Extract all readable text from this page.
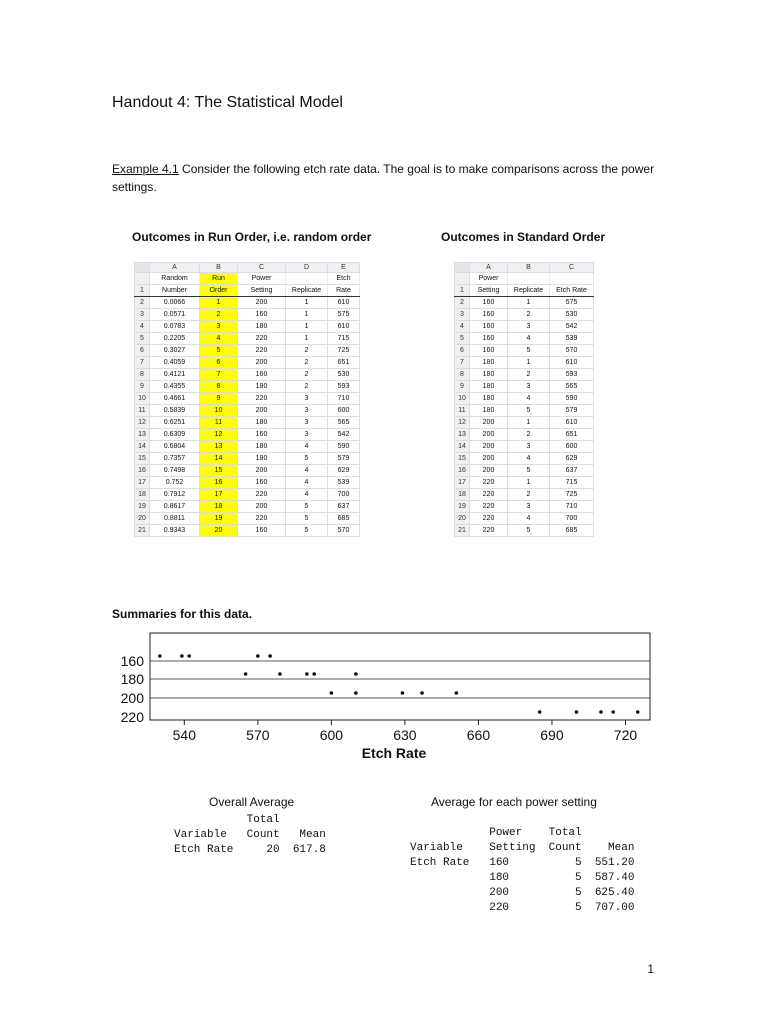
Handout 4: The Statistical Model
Example 4.1 Consider the following etch rate data. The goal is to make comparisons across the power settings.
Outcomes in Run Order, i.e. random order	Outcomes in Standard Order
	A	B	C	D	E
	Random	Run	Power		Etch
1	Number	Order	Setting	Replicate	Rate
2	0.0066	1	200	1	610
3	0.0571	2	160	1	575
4	0.0783	3	180	1	610
5	0.2205	4	220	1	715
6	0.3027	5	220	2	725
7	0.4059	6	200	2	651
8	0.4121	7	160	2	530
9	0.4355	8	180	2	593
10	0.4661	9	220	3	710
11	0.5839	10	200	3	600
12	0.6251	11	180	3	565
13	0.6309	12	160	3	542
14	0.6804	13	180	4	590
15	0.7357	14	180	5	579
16	0.7498	15	200	4	629
17	0.752	16	160	4	539
18	0.7912	17	220	4	700
19	0.8617	18	200	5	637
20	0.8811	19	220	5	685
21	0.9343	20	160	5	570
	A	B	C
	Power		
1	Setting	Replicate	Etch Rate
2	160	1	575
3	160	2	530
4	160	3	542
5	160	4	539
6	160	5	570
7	180	1	610
8	180	2	593
9	180	3	565
10	180	4	590
11	180	5	579
12	200	1	610
13	200	2	651
14	200	3	600
15	200	4	629
16	200	5	637
17	220	1	715
18	220	2	725
19	220	3	710
20	220	4	700
21	220	5	685
Summaries for this data.
160
180
200
220
540	570	600	630	660	690	720
Etch Rate
Overall Average
Total
Variable   Count   Mean
Etch Rate     20  617.8
Average for each power setting
Power    Total
Variable    Setting  Count    Mean
Etch Rate   160          5  551.20
180          5  587.40
200          5  625.40
220          5  707.00
1
